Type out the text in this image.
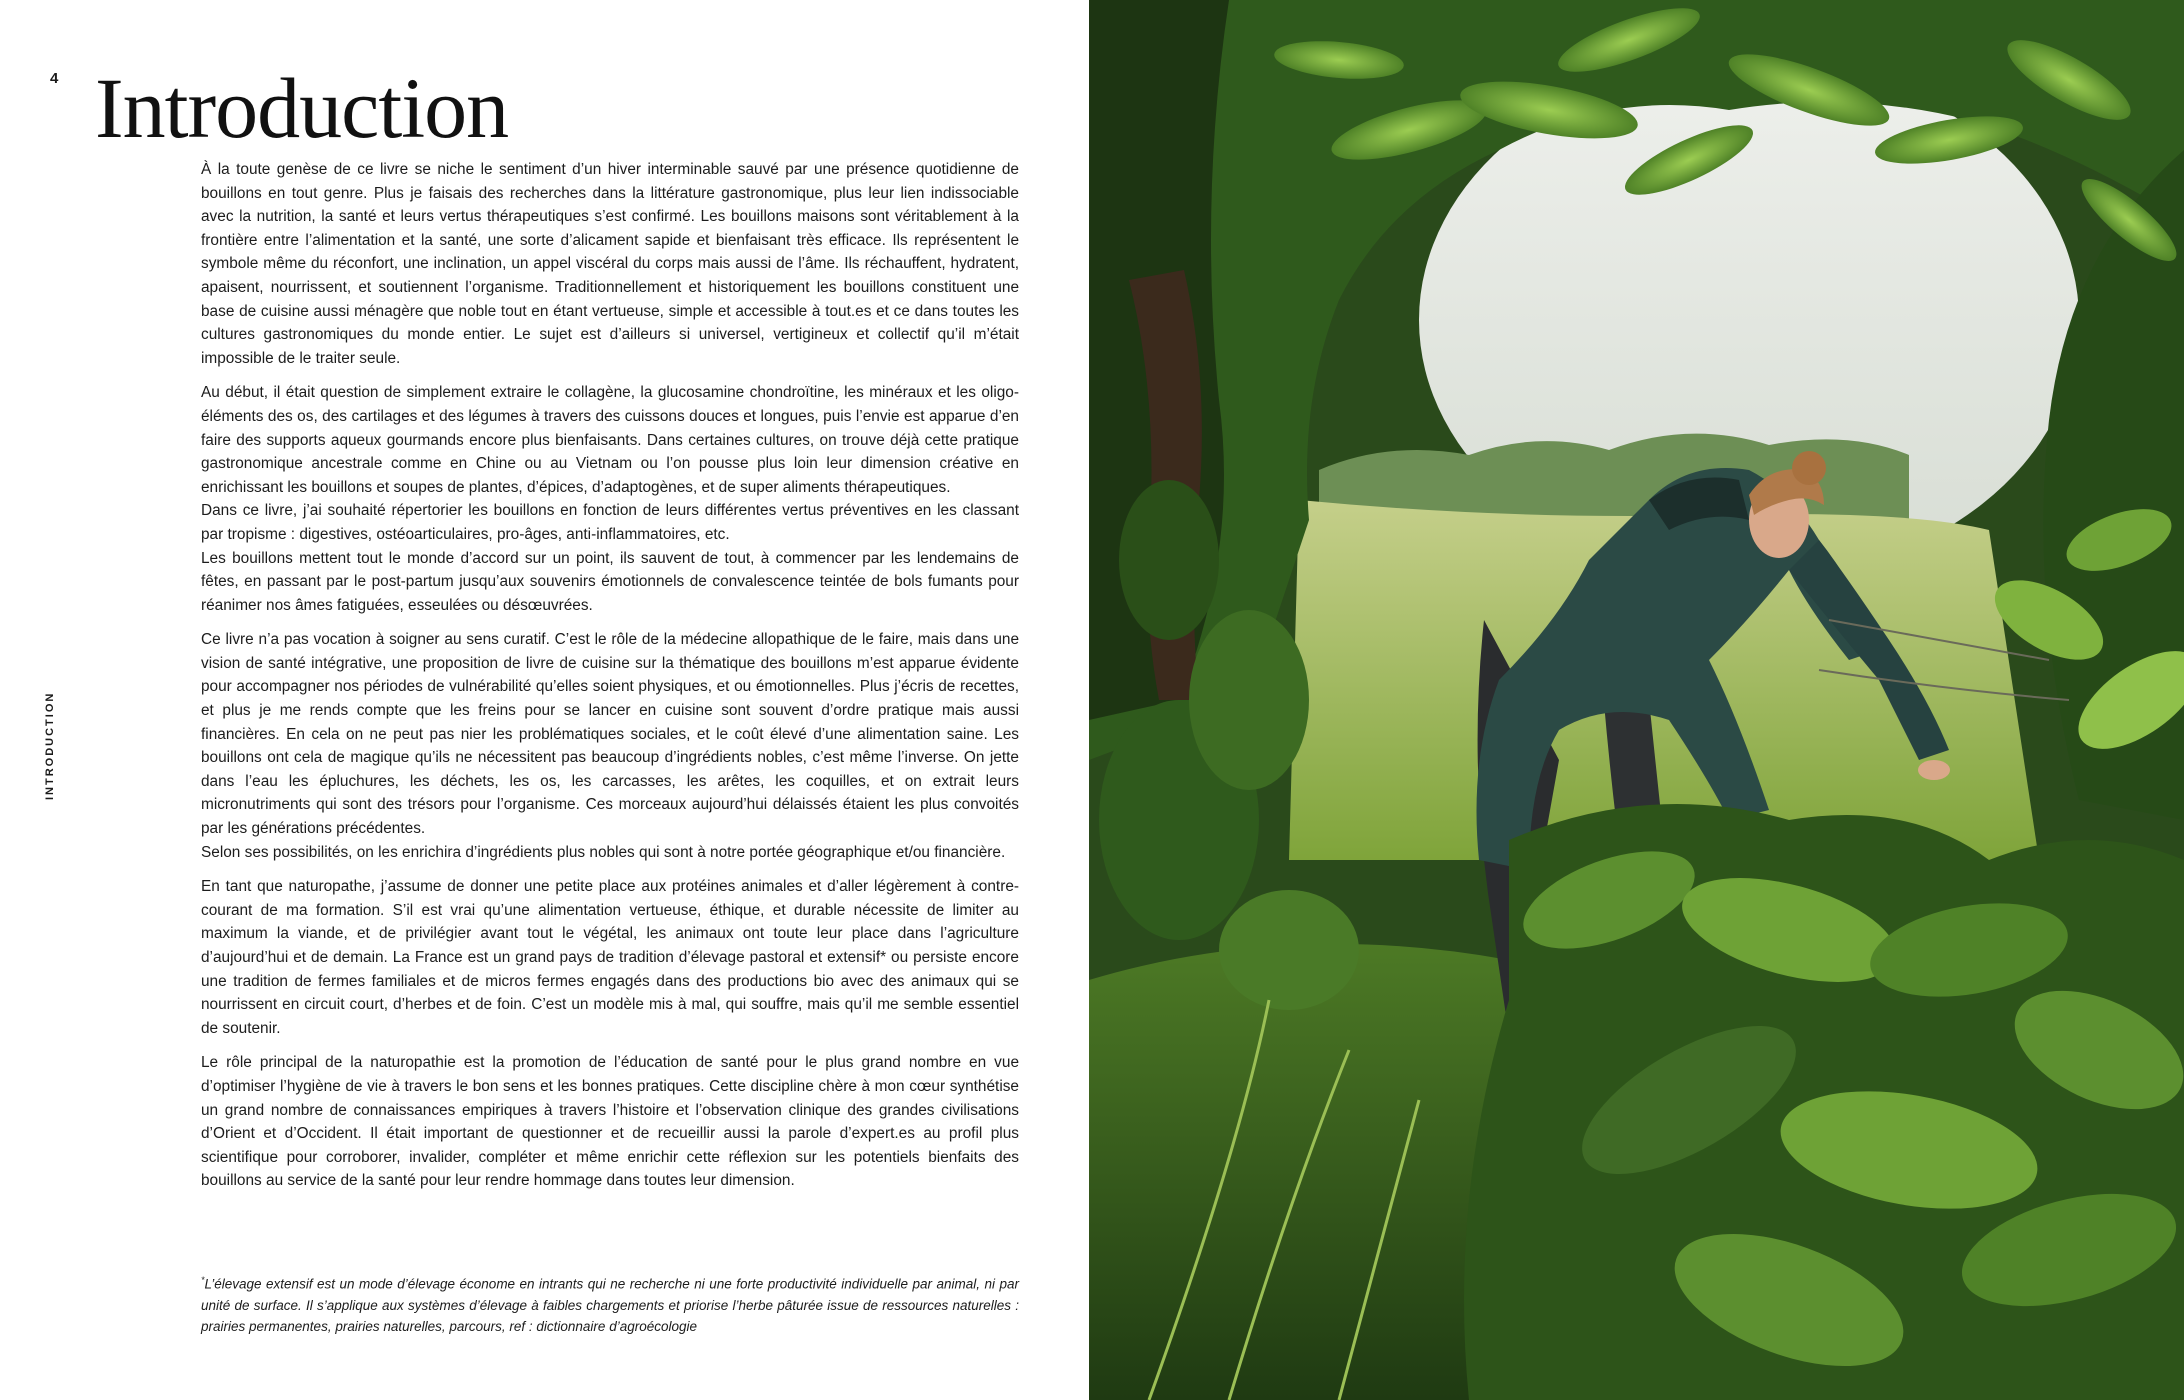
4 Introduction
INTRODUCTION

À la toute genèse de ce livre se niche le sentiment d’un hiver interminable sauvé par une présence quotidienne de bouillons en tout genre. Plus je faisais des recherches dans la littérature gastronomique, plus leur lien indissociable avec la nutrition, la santé et leurs vertus thérapeutiques s’est confirmé. Les bouillons maisons sont véritablement à la frontière entre l’alimentation et la santé, une sorte d’alicament sapide et bienfaisant très efficace. Ils représentent le symbole même du réconfort, une inclination, un appel viscéral du corps mais aussi de l’âme. Ils réchauffent, hydratent, apaisent, nourrissent, et soutiennent l’organisme. Traditionnellement et historiquement les bouillons constituent une base de cuisine aussi ménagère que noble tout en étant vertueuse, simple et accessible à tout.es et ce dans toutes les cultures gastronomiques du monde entier. Le sujet est d’ailleurs si universel, vertigineux et collectif qu’il m’était impossible de le traiter seule.

Au début, il était question de simplement extraire le collagène, la glucosamine chondroïtine, les minéraux et les oligo-éléments des os, des cartilages et des légumes à travers des cuissons douces et longues, puis l’envie est apparue d’en faire des supports aqueux gourmands encore plus bienfaisants. Dans certaines cultures, on trouve déjà cette pratique gastronomique ancestrale comme en Chine ou au Vietnam ou l’on pousse plus loin leur dimension créative en enrichissant les bouillons et soupes de plantes, d’épices, d’adaptogènes, et de super aliments thérapeutiques.

Dans ce livre, j’ai souhaité répertorier les bouillons en fonction de leurs différentes vertus préventives en les classant par tropisme : digestives, ostéoarticulaires, pro-âges, anti-inflammatoires, etc.

Les bouillons mettent tout le monde d’accord sur un point, ils sauvent de tout, à commencer par les lendemains de fêtes, en passant par le post-partum jusqu’aux souvenirs émotionnels de convalescence teintée de bols fumants pour réanimer nos âmes fatiguées, esseulées ou désœuvrées.

Ce livre n’a pas vocation à soigner au sens curatif. C’est le rôle de la médecine allopathique de le faire, mais dans une vision de santé intégrative, une proposition de livre de cuisine sur la thématique des bouillons m’est apparue évidente pour accompagner nos périodes de vulnérabilité qu’elles soient physiques, et ou émotionnelles. Plus j’écris de recettes, et plus je me rends compte que les freins pour se lancer en cuisine sont souvent d’ordre pratique mais aussi financières. En cela on ne peut pas nier les problématiques sociales, et le coût élevé d’une alimentation saine. Les bouillons ont cela de magique qu’ils ne nécessitent pas beaucoup d’ingrédients nobles, c’est même l’inverse. On jette dans l’eau les épluchures, les déchets, les os, les carcasses, les arêtes, les coquilles, et on extrait leurs micronutriments qui sont des trésors pour l’organisme. Ces morceaux aujourd’hui délaissés étaient les plus convoités par les générations précédentes.

Selon ses possibilités, on les enrichira d’ingrédients plus nobles qui sont à notre portée géographique et/ou financière.

En tant que naturopathe, j’assume de donner une petite place aux protéines animales et d’aller légèrement à contre-courant de ma formation. S’il est vrai qu’une alimentation vertueuse, éthique, et durable nécessite de limiter au maximum la viande, et de privilégier avant tout le végétal, les animaux ont toute leur place dans l’agriculture d’aujourd’hui et de demain. La France est un grand pays de tradition d’élevage pastoral et extensif* ou persiste encore une tradition de fermes familiales et de micros fermes engagés dans des productions bio avec des animaux qui se nourrissent en circuit court, d’herbes et de foin. C’est un modèle mis à mal, qui souffre, mais qu’il me semble essentiel de soutenir.

Le rôle principal de la naturopathie est la promotion de l’éducation de santé pour le plus grand nombre en vue d’optimiser l’hygiène de vie à travers le bon sens et les bonnes pratiques. Cette discipline chère à mon cœur synthétise un grand nombre de connaissances empiriques à travers l’histoire et l’observation clinique des grandes civilisations d’Orient et d’Occident. Il était important de questionner et de recueillir aussi la parole d’expert.es au profil plus scientifique pour corroborer, invalider, compléter et même enrichir cette réflexion sur les potentiels bienfaits des bouillons au service de la santé pour leur rendre hommage dans toutes leur dimension.

*L’élevage extensif est un mode d’élevage économe en intrants qui ne recherche ni une forte productivité individuelle par animal, ni par unité de surface. Il s’applique aux systèmes d’élevage à faibles chargements et priorise l’herbe pâturée issue de ressources naturelles : prairies permanentes, prairies naturelles, parcours, ref : dictionnaire d’agroécologie
